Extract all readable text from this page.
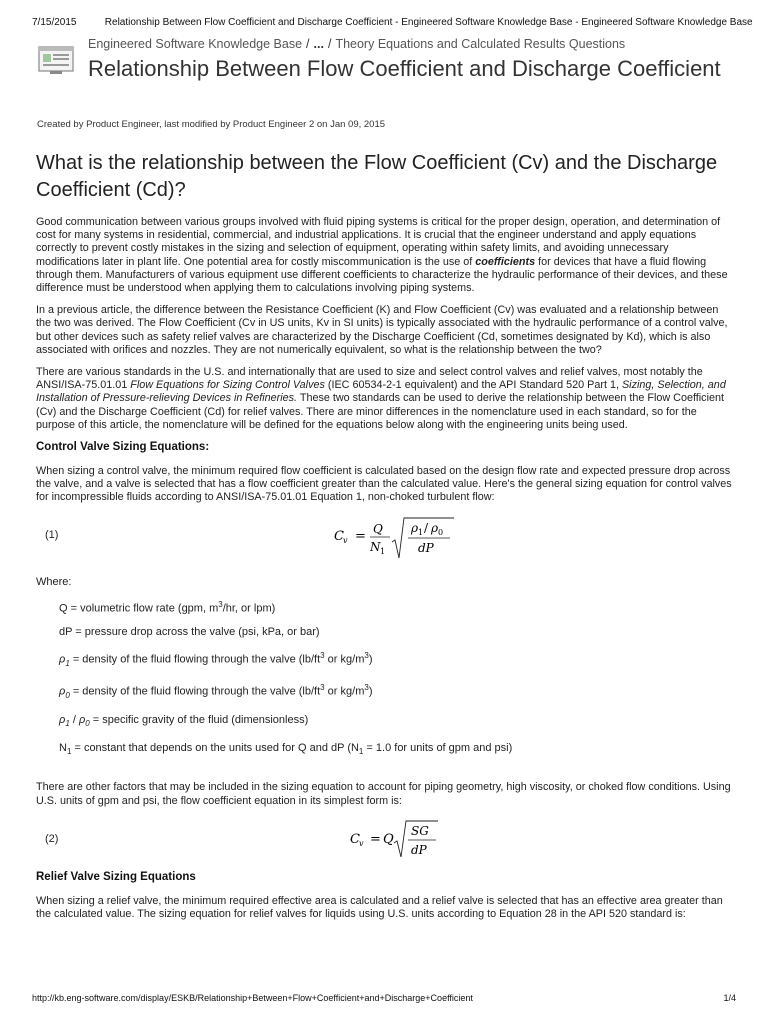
7/15/2015	Relationship Between Flow Coefficient and Discharge Coefficient - Engineered Software Knowledge Base - Engineered Software Knowledge Base
Engineered Software Knowledge Base / ... / Theory Equations and Calculated Results Questions
Relationship Between Flow Coefficient and Discharge Coefficient
Created by Product Engineer, last modified by Product Engineer 2 on Jan 09, 2015
What is the relationship between the Flow Coefficient (Cv) and the Discharge Coefficient (Cd)?

Good communication between various groups involved with fluid piping systems is critical for the proper design, operation, and determination of cost for many systems in residential, commercial, and industrial applications. It is crucial that the engineer understand and apply equations correctly to prevent costly mistakes in the sizing and selection of equipment, operating within safety limits, and avoiding unnecessary modifications later in plant life. One potential area for costly miscommunication is the use of coefficients for devices that have a fluid flowing through them. Manufacturers of various equipment use different coefficients to characterize the hydraulic performance of their devices, and these difference must be understood when applying them to calculations involving piping systems.

In a previous article, the difference between the Resistance Coefficient (K) and Flow Coefficient (Cv) was evaluated and a relationship between the two was derived. The Flow Coefficient (Cv in US units, Kv in SI units) is typically associated with the hydraulic performance of a control valve, but other devices such as safety relief valves are characterized by the Discharge Coefficient (Cd, sometimes designated by Kd), which is also associated with orifices and nozzles. They are not numerically equivalent, so what is the relationship between the two?

There are various standards in the U.S. and internationally that are used to size and select control valves and relief valves, most notably the ANSI/ISA-75.01.01 Flow Equations for Sizing Control Valves (IEC 60534-2-1 equivalent) and the API Standard 520 Part 1, Sizing, Selection, and Installation of Pressure-relieving Devices in Refineries. These two standards can be used to derive the relationship between the Flow Coefficient (Cv) and the Discharge Coefficient (Cd) for relief valves. There are minor differences in the nomenclature used in each standard, so for the purpose of this article, the nomenclature will be defined for the equations below along with the engineering units being used.

Control Valve Sizing Equations:

When sizing a control valve, the minimum required flow coefficient is calculated based on the design flow rate and expected pressure drop across the valve, and a valve is selected that has a flow coefficient greater than the calculated value. Here's the general sizing equation for control valves for incompressible fluids according to ANSI/ISA-75.01.01 Equation 1, non-choked turbulent flow:

(1)	C v = Q
N 1
ρ 1 / ρ 0
dP
Where:
Q = volumetric flow rate (gpm, $m^3/hr$, or lpm)
dP = pressure drop across the valve (psi, kPa, or bar)
$\rho_1$ = density of the fluid flowing through the valve ($lb/ft^3$ or $kg/m^3$)
$\rho_0$ = density of the fluid flowing through the valve ($lb/ft^3$ or $kg/m^3$)
$\rho_1 / \rho_0$ = specific gravity of the fluid (dimensionless)
$N_1$ = constant that depends on the units used for Q and dP ($N_1 = 1.0$ for units of gpm and psi)

There are other factors that may be included in the sizing equation to account for piping geometry, high viscosity, or choked flow conditions. Using U.S. units of gpm and psi, the flow coefficient equation in its simplest form is:

(2)	C v = Q
SG
dP
Relief Valve Sizing Equations

When sizing a relief valve, the minimum required effective area is calculated and a relief valve is selected that has an effective area greater than the calculated value. The sizing equation for relief valves for liquids using U.S. units according to Equation 28 in the API 520 standard is:

http://kb.eng-software.com/display/ESKB/Relationship+Between+Flow+Coefficient+and+Discharge+Coefficient	1/4
